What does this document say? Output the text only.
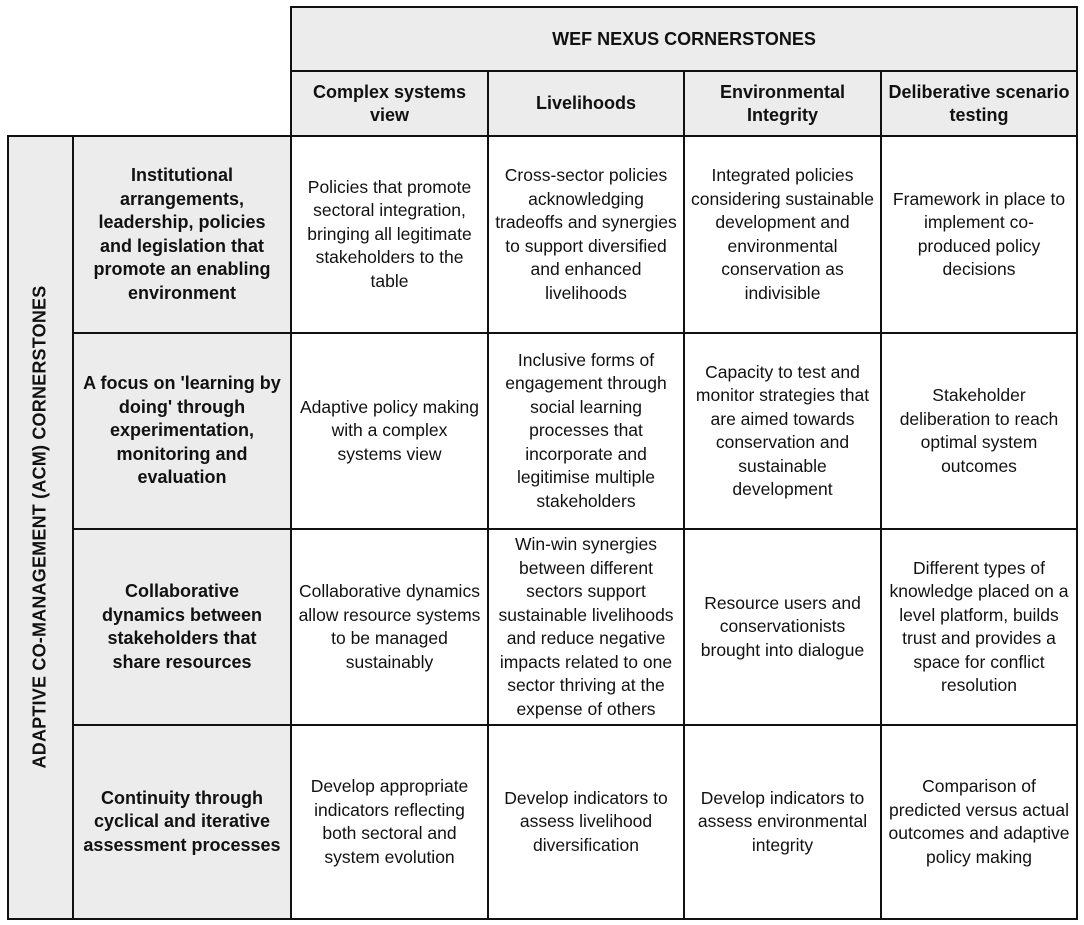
WEF NEXUS CORNERSTONES
Complex systems view
Livelihoods
Environmental Integrity
Deliberative scenario testing
ADAPTIVE CO-MANAGEMENT (ACM) CORNERSTONES
Institutional arrangements, leadership, policies and legislation that promote an enabling environment
Policies that promote sectoral integration, bringing all legitimate stakeholders to the table
Cross-sector policies acknowledging tradeoffs and synergies to support diversified and enhanced livelihoods
Integrated policies considering sustainable development and environmental conservation as indivisible
Framework in place to implement co-produced policy decisions
A focus on 'learning by doing' through experimentation, monitoring and evaluation
Adaptive policy making with a complex systems view
Inclusive forms of engagement through social learning processes that incorporate and legitimise multiple stakeholders
Capacity to test and monitor strategies that are aimed towards conservation and sustainable development
Stakeholder deliberation to reach optimal system outcomes
Collaborative dynamics between stakeholders that share resources
Collaborative dynamics allow resource systems to be managed sustainably
Win-win synergies between different sectors support sustainable livelihoods and reduce negative impacts related to one sector thriving at the expense of others
Resource users and conservationists brought into dialogue
Different types of knowledge placed on a level platform, builds trust and provides a space for conflict resolution
Continuity through cyclical and iterative assessment processes
Develop appropriate indicators reflecting both sectoral and system evolution
Develop indicators to assess livelihood diversification
Develop indicators to assess environmental integrity
Comparison of predicted versus actual outcomes and adaptive policy making
